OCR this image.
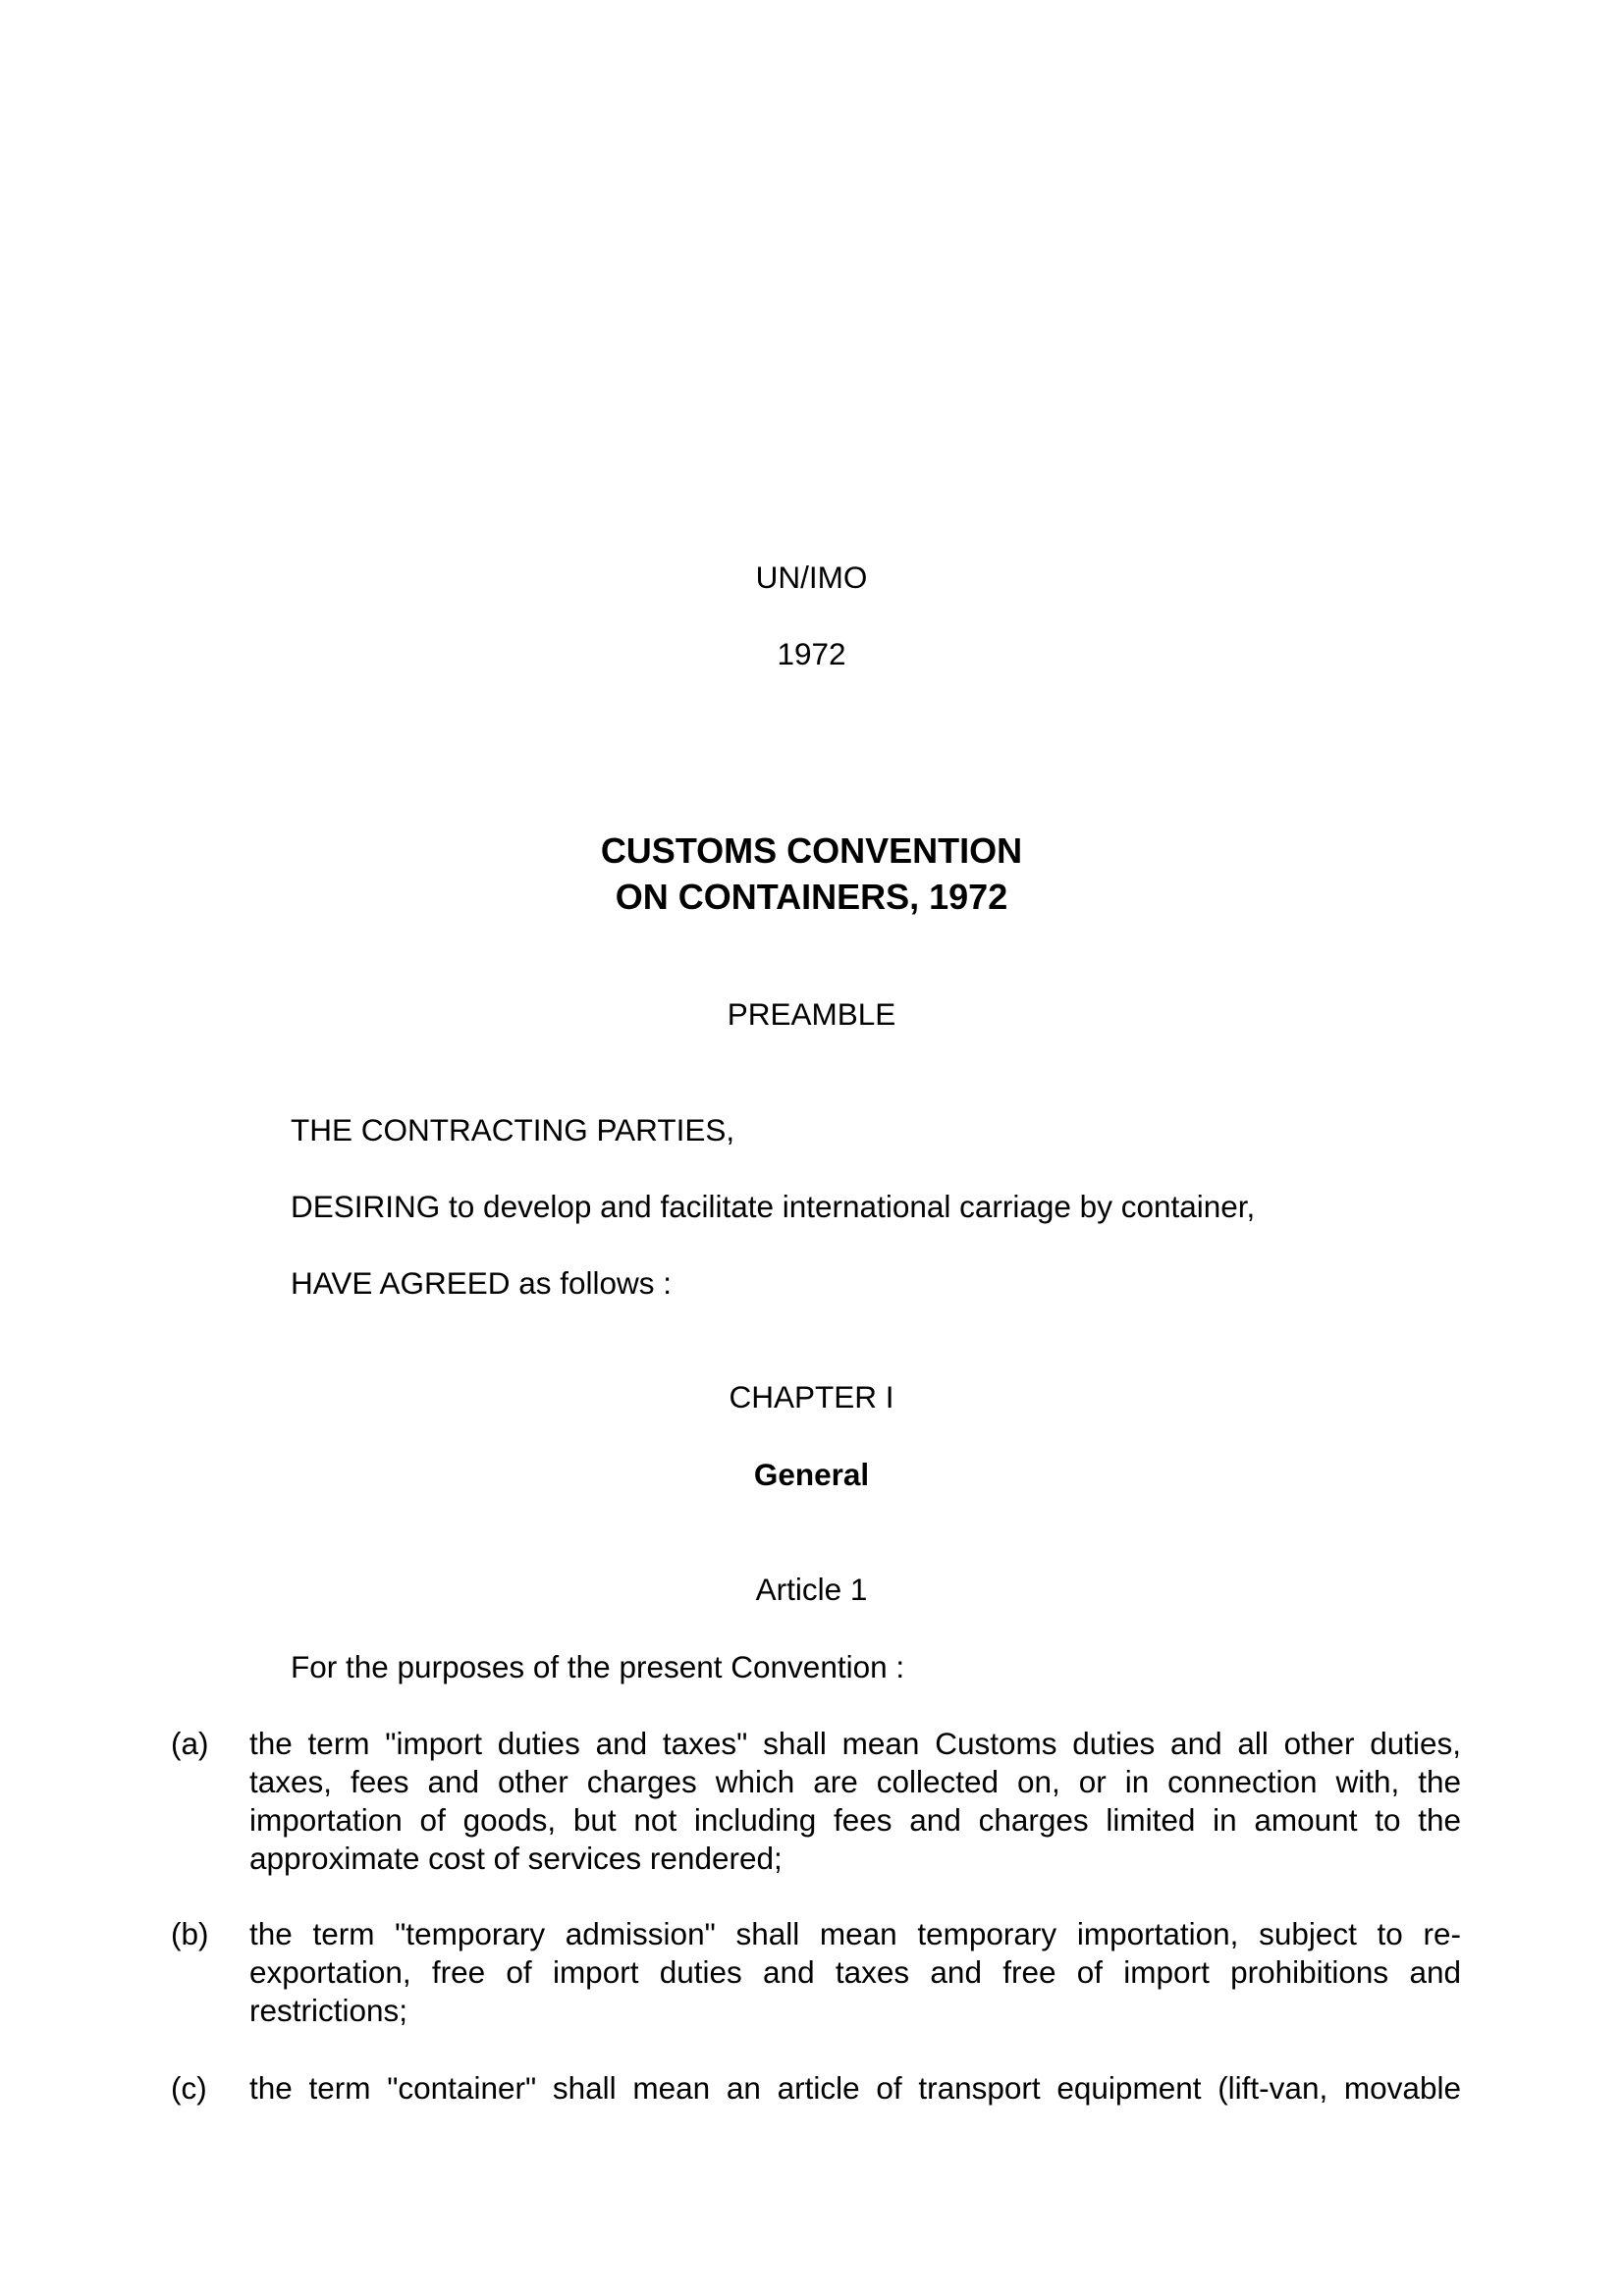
UN/IMO
1972
CUSTOMS CONVENTION
ON CONTAINERS, 1972
PREAMBLE
THE CONTRACTING PARTIES,
DESIRING to develop and facilitate international carriage by container,
HAVE AGREED as follows :
CHAPTER I
General
Article 1
For the purposes of the present Convention :
(a) the term "import duties and taxes" shall mean Customs duties and all other duties, taxes, fees and other charges which are collected on, or in connection with, the importation of goods, but not including fees and charges limited in amount to the approximate cost of services rendered;
(b) the term "temporary admission" shall mean temporary importation, subject to re-exportation, free of import duties and taxes and free of import prohibitions and restrictions;
(c) the term "container" shall mean an article of transport equipment (lift-van, movable
